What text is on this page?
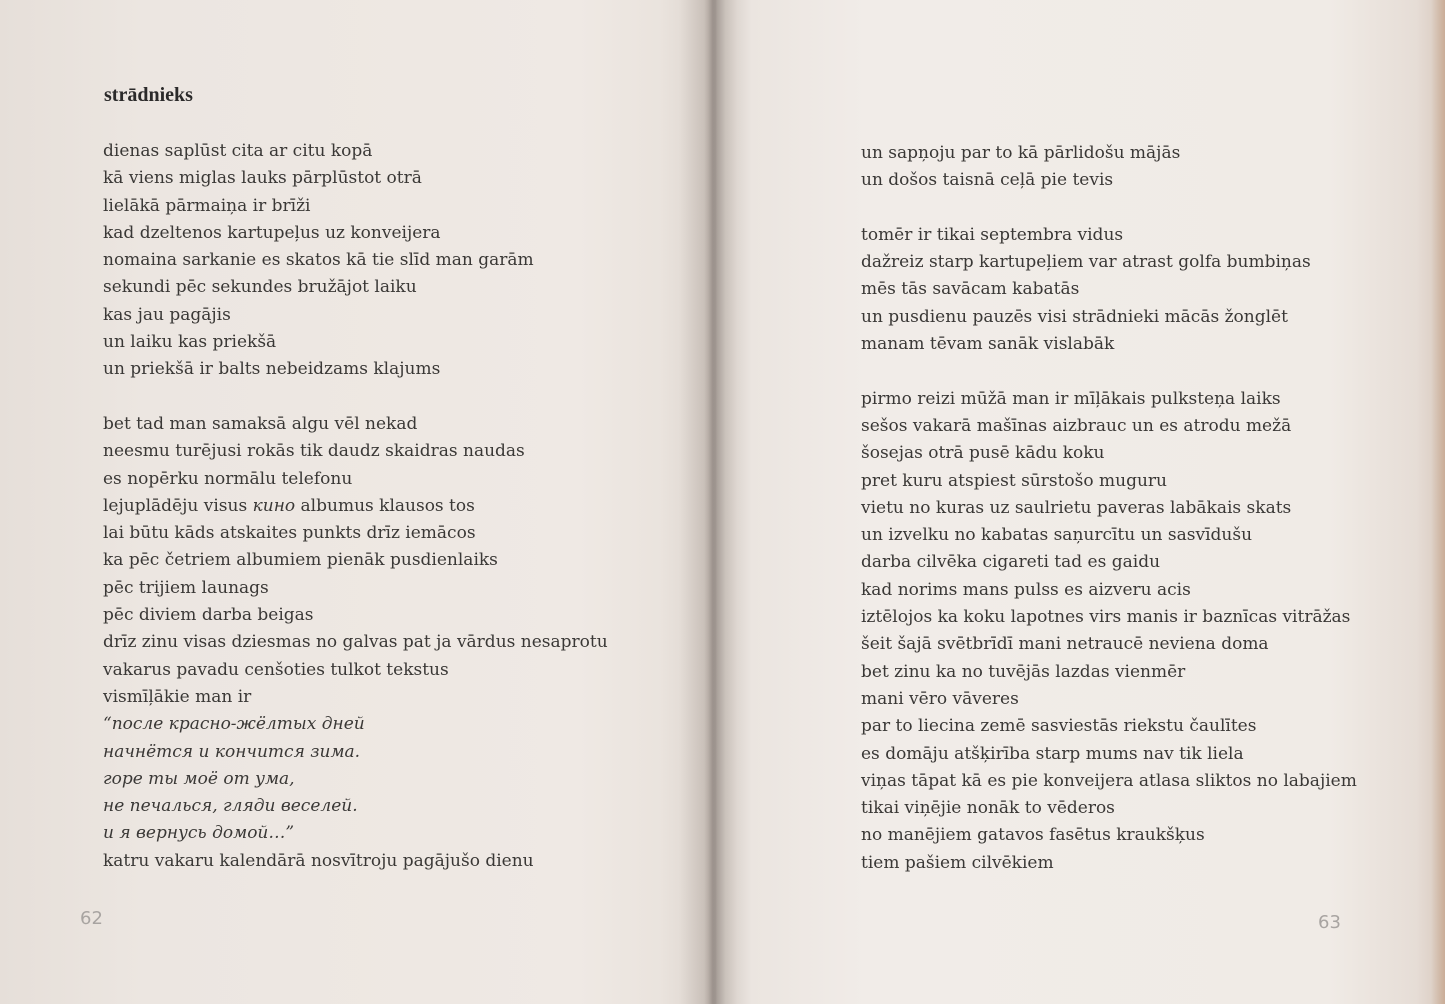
strādnieks
dienas saplūst cita ar citu kopā
kā viens miglas lauks pārplūstot otrā
lielākā pārmaiņa ir brīži
kad dzeltenos kartupeļus uz konveijera
nomaina sarkanie es skatos kā tie slīd man garām
sekundi pēc sekundes bružājot laiku
kas jau pagājis
un laiku kas priekšā
un priekšā ir balts nebeidzams klajums
bet tad man samaksā algu vēl nekad
neesmu turējusi rokās tik daudz skaidras naudas
es nopērku normālu telefonu
lejuplādēju visus кино albumus klausos tos
lai būtu kāds atskaites punkts drīz iemācos
ka pēc četriem albumiem pienāk pusdienlaiks
pēc trijiem launags
pēc diviem darba beigas
drīz zinu visas dziesmas no galvas pat ja vārdus nesaprotu
vakarus pavadu cenšoties tulkot tekstus
vismīļākie man ir
“после красно-жёлтых дней
начнётся и кончится зима.
горе ты моё от ума,
не печалься, гляди веселей.
и я вернусь домой…”
katru vakaru kalendārā nosvītroju pagājušo dienu
62
un sapņoju par to kā pārlidošu mājās
un došos taisnā ceļā pie tevis
tomēr ir tikai septembra vidus
dažreiz starp kartupeļiem var atrast golfa bumbiņas
mēs tās savācam kabatās
un pusdienu pauzēs visi strādnieki mācās žonglēt
manam tēvam sanāk vislabāk
pirmo reizi mūžā man ir mīļākais pulksteņa laiks
sešos vakarā mašīnas aizbrauc un es atrodu mežā
šosejas otrā pusē kādu koku
pret kuru atspiest sūrstošo muguru
vietu no kuras uz saulrietu paveras labākais skats
un izvelku no kabatas saņurcītu un sasvīdušu
darba cilvēka cigareti tad es gaidu
kad norims mans pulss es aizveru acis
iztēlojos ka koku lapotnes virs manis ir baznīcas vitrāžas
šeit šajā svētbrīdī mani netraucē neviena doma
bet zinu ka no tuvējās lazdas vienmēr
mani vēro vāveres
par to liecina zemē sasviestās riekstu čaulītes
es domāju atšķirība starp mums nav tik liela
viņas tāpat kā es pie konveijera atlasa sliktos no labajiem
tikai viņējie nonāk to vēderos
no manējiem gatavos fasētus kraukšķus
tiem pašiem cilvēkiem
63
